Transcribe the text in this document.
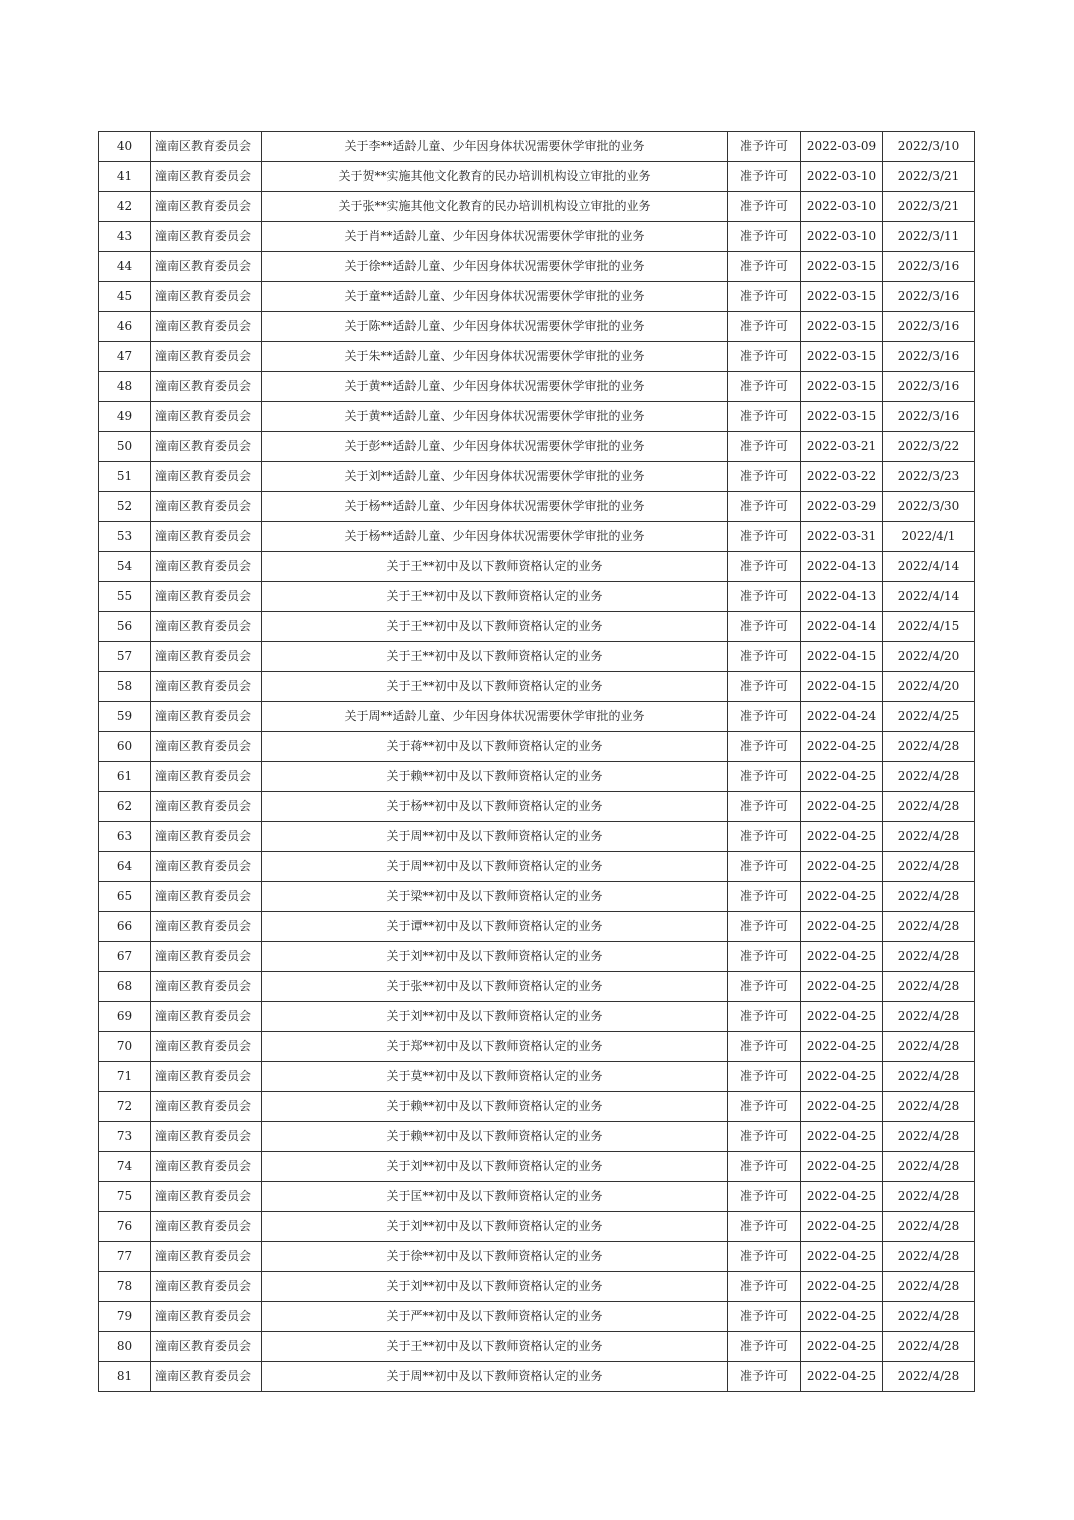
40	潼南区教育委员会	关于李**适龄儿童、少年因身体状况需要休学审批的业务	准予许可	2022-03-09	2022/3/10
41	潼南区教育委员会	关于贺**实施其他文化教育的民办培训机构设立审批的业务	准予许可	2022-03-10	2022/3/21
42	潼南区教育委员会	关于张**实施其他文化教育的民办培训机构设立审批的业务	准予许可	2022-03-10	2022/3/21
43	潼南区教育委员会	关于肖**适龄儿童、少年因身体状况需要休学审批的业务	准予许可	2022-03-10	2022/3/11
44	潼南区教育委员会	关于徐**适龄儿童、少年因身体状况需要休学审批的业务	准予许可	2022-03-15	2022/3/16
45	潼南区教育委员会	关于童**适龄儿童、少年因身体状况需要休学审批的业务	准予许可	2022-03-15	2022/3/16
46	潼南区教育委员会	关于陈**适龄儿童、少年因身体状况需要休学审批的业务	准予许可	2022-03-15	2022/3/16
47	潼南区教育委员会	关于朱**适龄儿童、少年因身体状况需要休学审批的业务	准予许可	2022-03-15	2022/3/16
48	潼南区教育委员会	关于黄**适龄儿童、少年因身体状况需要休学审批的业务	准予许可	2022-03-15	2022/3/16
49	潼南区教育委员会	关于黄**适龄儿童、少年因身体状况需要休学审批的业务	准予许可	2022-03-15	2022/3/16
50	潼南区教育委员会	关于彭**适龄儿童、少年因身体状况需要休学审批的业务	准予许可	2022-03-21	2022/3/22
51	潼南区教育委员会	关于刘**适龄儿童、少年因身体状况需要休学审批的业务	准予许可	2022-03-22	2022/3/23
52	潼南区教育委员会	关于杨**适龄儿童、少年因身体状况需要休学审批的业务	准予许可	2022-03-29	2022/3/30
53	潼南区教育委员会	关于杨**适龄儿童、少年因身体状况需要休学审批的业务	准予许可	2022-03-31	2022/4/1
54	潼南区教育委员会	关于王**初中及以下教师资格认定的业务	准予许可	2022-04-13	2022/4/14
55	潼南区教育委员会	关于王**初中及以下教师资格认定的业务	准予许可	2022-04-13	2022/4/14
56	潼南区教育委员会	关于王**初中及以下教师资格认定的业务	准予许可	2022-04-14	2022/4/15
57	潼南区教育委员会	关于王**初中及以下教师资格认定的业务	准予许可	2022-04-15	2022/4/20
58	潼南区教育委员会	关于王**初中及以下教师资格认定的业务	准予许可	2022-04-15	2022/4/20
59	潼南区教育委员会	关于周**适龄儿童、少年因身体状况需要休学审批的业务	准予许可	2022-04-24	2022/4/25
60	潼南区教育委员会	关于蒋**初中及以下教师资格认定的业务	准予许可	2022-04-25	2022/4/28
61	潼南区教育委员会	关于赖**初中及以下教师资格认定的业务	准予许可	2022-04-25	2022/4/28
62	潼南区教育委员会	关于杨**初中及以下教师资格认定的业务	准予许可	2022-04-25	2022/4/28
63	潼南区教育委员会	关于周**初中及以下教师资格认定的业务	准予许可	2022-04-25	2022/4/28
64	潼南区教育委员会	关于周**初中及以下教师资格认定的业务	准予许可	2022-04-25	2022/4/28
65	潼南区教育委员会	关于梁**初中及以下教师资格认定的业务	准予许可	2022-04-25	2022/4/28
66	潼南区教育委员会	关于谭**初中及以下教师资格认定的业务	准予许可	2022-04-25	2022/4/28
67	潼南区教育委员会	关于刘**初中及以下教师资格认定的业务	准予许可	2022-04-25	2022/4/28
68	潼南区教育委员会	关于张**初中及以下教师资格认定的业务	准予许可	2022-04-25	2022/4/28
69	潼南区教育委员会	关于刘**初中及以下教师资格认定的业务	准予许可	2022-04-25	2022/4/28
70	潼南区教育委员会	关于郑**初中及以下教师资格认定的业务	准予许可	2022-04-25	2022/4/28
71	潼南区教育委员会	关于莫**初中及以下教师资格认定的业务	准予许可	2022-04-25	2022/4/28
72	潼南区教育委员会	关于赖**初中及以下教师资格认定的业务	准予许可	2022-04-25	2022/4/28
73	潼南区教育委员会	关于赖**初中及以下教师资格认定的业务	准予许可	2022-04-25	2022/4/28
74	潼南区教育委员会	关于刘**初中及以下教师资格认定的业务	准予许可	2022-04-25	2022/4/28
75	潼南区教育委员会	关于匡**初中及以下教师资格认定的业务	准予许可	2022-04-25	2022/4/28
76	潼南区教育委员会	关于刘**初中及以下教师资格认定的业务	准予许可	2022-04-25	2022/4/28
77	潼南区教育委员会	关于徐**初中及以下教师资格认定的业务	准予许可	2022-04-25	2022/4/28
78	潼南区教育委员会	关于刘**初中及以下教师资格认定的业务	准予许可	2022-04-25	2022/4/28
79	潼南区教育委员会	关于严**初中及以下教师资格认定的业务	准予许可	2022-04-25	2022/4/28
80	潼南区教育委员会	关于王**初中及以下教师资格认定的业务	准予许可	2022-04-25	2022/4/28
81	潼南区教育委员会	关于周**初中及以下教师资格认定的业务	准予许可	2022-04-25	2022/4/28
